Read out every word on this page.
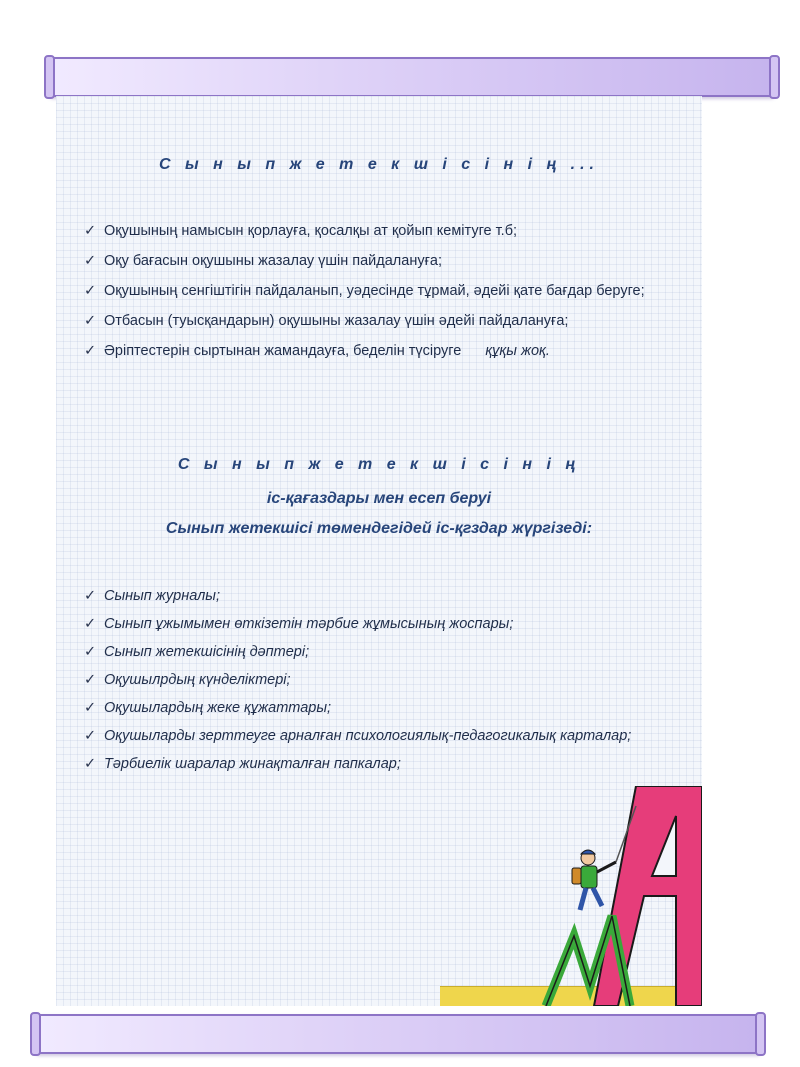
С ы н ы п ж е т е к ш і с і н і ң ...
✓ Оқушының намысын қорлауға, қосалқы ат қойып кемітуге т.б;
✓ Оқу бағасын оқушыны жазалау үшін пайдалануға;
✓ Оқушының сенгіштігін пайдаланып, уәдесінде тұрмай, әдейі қате бағдар беруге;
✓ Отбасын (туысқандарын) оқушыны жазалау үшін әдейі пайдалануға;
✓ Әріптестерін сыртынан жамандауға, беделін түсіруге құқы жоқ.
С ы н ы п ж е т е к ш і с і н і ң
іс-қағаздары мен есеп беруі
Сынып жетекшісі төмендегідей іс-қгздар жүргізеді:
✓ Сынып журналы;
✓ Сынып ұжымымен өткізетін тәрбие жұмысының жоспары;
✓ Сынып жетекшісінің дәптері;
✓ Оқушылрдың күнделіктері;
✓ Оқушылардың жеке құжаттары;
✓ Оқушыларды зерттеуге арналған психологиялық-педагогикалық карталар;
✓ Тәрбиелік шаралар жинақталған папкалар;
